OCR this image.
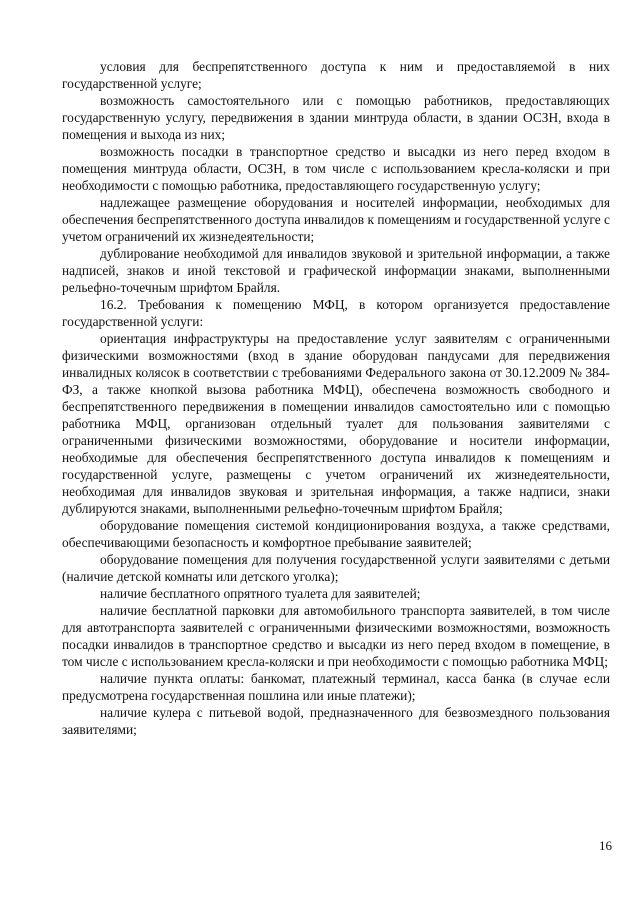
условия для беспрепятственного доступа к ним и предоставляемой в них государственной услуге;

возможность самостоятельного или с помощью работников, предоставляющих государственную услугу, передвижения в здании минтруда области, в здании ОСЗН, входа в помещения и выхода из них;

возможность посадки в транспортное средство и высадки из него перед входом в помещения минтруда области, ОСЗН, в том числе с использованием кресла-коляски и при необходимости с помощью работника, предоставляющего государственную услугу;

надлежащее размещение оборудования и носителей информации, необходимых для обеспечения беспрепятственного доступа инвалидов к помещениям и государственной услуге с учетом ограничений их жизнедеятельности;

дублирование необходимой для инвалидов звуковой и зрительной информации, а также надписей, знаков и иной текстовой и графической информации знаками, выполненными рельефно-точечным шрифтом Брайля.

16.2. Требования к помещению МФЦ, в котором организуется предоставление государственной услуги:

ориентация инфраструктуры на предоставление услуг заявителям с ограниченными физическими возможностями (вход в здание оборудован пандусами для передвижения инвалидных колясок в соответствии с требованиями Федерального закона от 30.12.2009 № 384-ФЗ, а также кнопкой вызова работника МФЦ), обеспечена возможность свободного и беспрепятственного передвижения в помещении инвалидов самостоятельно или с помощью работника МФЦ, организован отдельный туалет для пользования заявителями с ограниченными физическими возможностями, оборудование и носители информации, необходимые для обеспечения беспрепятственного доступа инвалидов к помещениям и государственной услуге, размещены с учетом ограничений их жизнедеятельности, необходимая для инвалидов звуковая и зрительная информация, а также надписи, знаки дублируются знаками, выполненными рельефно-точечным шрифтом Брайля;

оборудование помещения системой кондиционирования воздуха, а также средствами, обеспечивающими безопасность и комфортное пребывание заявителей;

оборудование помещения для получения государственной услуги заявителями с детьми (наличие детской комнаты или детского уголка);

наличие бесплатного опрятного туалета для заявителей;

наличие бесплатной парковки для автомобильного транспорта заявителей, в том числе для автотранспорта заявителей с ограниченными физическими возможностями, возможность посадки инвалидов в транспортное средство и высадки из него перед входом в помещение, в том числе с использованием кресла-коляски и при необходимости с помощью работника МФЦ;

наличие пункта оплаты: банкомат, платежный терминал, касса банка (в случае если предусмотрена государственная пошлина или иные платежи);

наличие кулера с питьевой водой, предназначенного для безвозмездного пользования заявителями;

16
